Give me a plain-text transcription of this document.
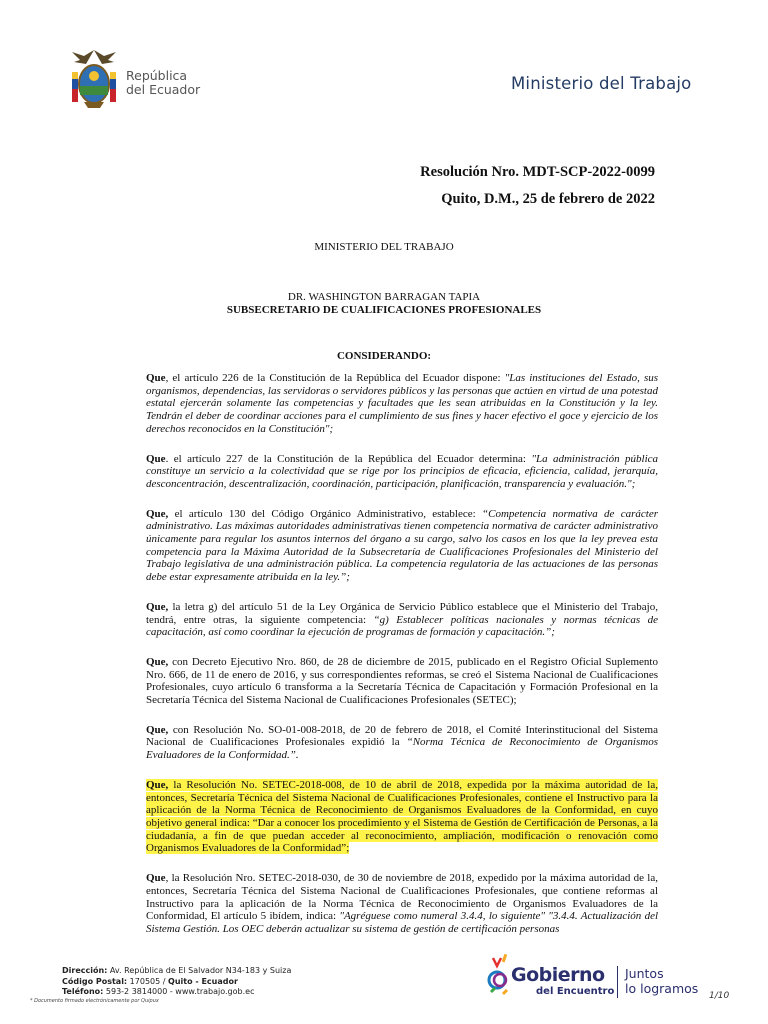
República
del Ecuador	Ministerio del Trabajo
Resolución Nro. MDT-SCP-2022-0099
Quito, D.M., 25 de febrero de 2022
MINISTERIO DEL TRABAJO
DR. WASHINGTON BARRAGAN TAPIA
SUBSECRETARIO DE CUALIFICACIONES PROFESIONALES
CONSIDERANDO:

Que, el artículo 226 de la Constitución de la República del Ecuador dispone: "Las instituciones del Estado, sus organismos, dependencias, las servidoras o servidores públicos y las personas que actúen en virtud de una potestad estatal ejercerán solamente las competencias y facultades que les sean atribuidas en la Constitución y la ley. Tendrán el deber de coordinar acciones para el cumplimiento de sus fines y hacer efectivo el goce y ejercicio de los derechos reconocidos en la Constitución";

Que. el artículo 227 de la Constitución de la República del Ecuador determina: "La administración pública constituye un servicio a la colectividad que se rige por los principios de eficacia, eficiencia, calidad, jerarquía, desconcentración, descentralización, coordinación, participación, planificación, transparencia y evaluación.";

Que, el artículo 130 del Código Orgánico Administrativo, establece: “Competencia normativa de carácter administrativo. Las máximas autoridades administrativas tienen competencia normativa de carácter administrativo únicamente para regular los asuntos internos del órgano a su cargo, salvo los casos en los que la ley prevea esta competencia para la Máxima Autoridad de la Subsecretaría de Cualificaciones Profesionales del Ministerio del Trabajo legislativa de una administración pública. La competencia regulatoria de las actuaciones de las personas debe estar expresamente atribuida en la ley.”;

Que, la letra g) del artículo 51 de la Ley Orgánica de Servicio Público establece que el Ministerio del Trabajo, tendrá, entre otras, la siguiente competencia: “g) Establecer políticas nacionales y normas técnicas de capacitación, así como coordinar la ejecución de programas de formación y capacitación.”;

Que, con Decreto Ejecutivo Nro. 860, de 28 de diciembre de 2015, publicado en el Registro Oficial Suplemento Nro. 666, de 11 de enero de 2016, y sus correspondientes reformas, se creó el Sistema Nacional de Cualificaciones Profesionales, cuyo artículo 6 transforma a la Secretaría Técnica de Capacitación y Formación Profesional en la Secretaría Técnica del Sistema Nacional de Cualificaciones Profesionales (SETEC);

Que, con Resolución No. SO-01-008-2018, de 20 de febrero de 2018, el Comité Interinstitucional del Sistema Nacional de Cualificaciones Profesionales expidió la “Norma Técnica de Reconocimiento de Organismos Evaluadores de la Conformidad.”.

Que, la Resolución No. SETEC-2018-008, de 10 de abril de 2018, expedida por la máxima autoridad de la, entonces, Secretaría Técnica del Sistema Nacional de Cualificaciones Profesionales, contiene el Instructivo para la aplicación de la Norma Técnica de Reconocimiento de Organismos Evaluadores de la Conformidad, en cuyo objetivo general indica: “Dar a conocer los procedimiento y el Sistema de Gestión de Certificación de Personas, a la ciudadanía, a fin de que puedan acceder al reconocimiento, ampliación, modificación o renovación como Organismos Evaluadores de la Conformidad”;

Que, la Resolución Nro. SETEC-2018-030, de 30 de noviembre de 2018, expedido por la máxima autoridad de la, entonces, Secretaría Técnica del Sistema Nacional de Cualificaciones Profesionales, que contiene reformas al Instructivo para la aplicación de la Norma Técnica de Reconocimiento de Organismos Evaluadores de la Conformidad, El artículo 5 ibídem, indica: "Agréguese como numeral 3.4.4, lo siguiente" "3.4.4. Actualización del Sistema Gestión. Los OEC deberán actualizar su sistema de gestión de certificación personas

Dirección: Av. República de El Salvador N34-183 y Suiza
Código Postal: 170505 / Quito - Ecuador
Teléfono: 593-2 3814000 - www.trabajo.gob.ec
* Documento firmado electrónicamente por Quipux
Gobierno
del Encuentro
Juntos
lo logramos 1/10
